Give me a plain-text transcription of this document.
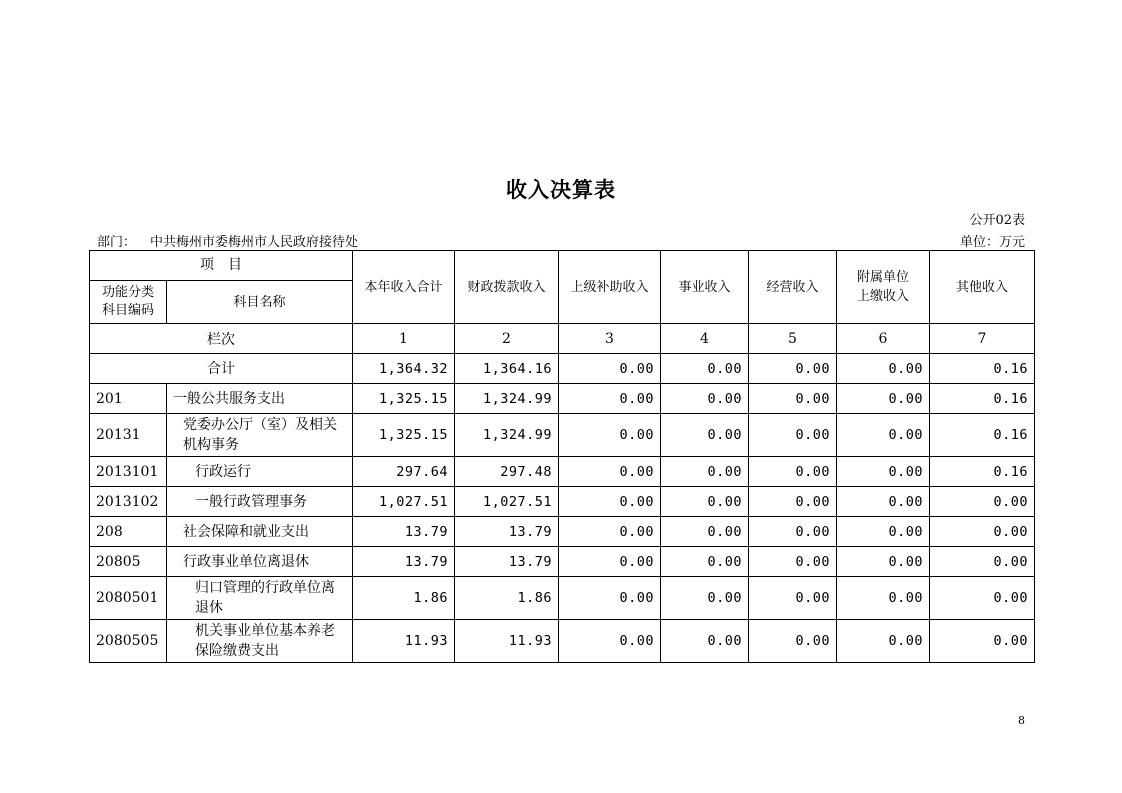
收入决算表
公开02表
部门： 中共梅州市委梅州市人民政府接待处	单位：万元
项　目		本年收入合计	财政拨款收入	上级补助收入	事业收入	经营收入	附属单位上缴收入	其他收入
功能分类科目编码	科目名称							
栏次		1	2	3	4	5	6	7
合计		1,364.32	1,364.16	0.00	0.00	0.00	0.00	0.16
201	一般公共服务支出	1,325.15	1,324.99	0.00	0.00	0.00	0.00	0.16
20131	党委办公厅（室）及相关机构事务	1,325.15	1,324.99	0.00	0.00	0.00	0.00	0.16
2013101	行政运行	297.64	297.48	0.00	0.00	0.00	0.00	0.16
2013102	一般行政管理事务	1,027.51	1,027.51	0.00	0.00	0.00	0.00	0.00
208	社会保障和就业支出	13.79	13.79	0.00	0.00	0.00	0.00	0.00
20805	行政事业单位离退休	13.79	13.79	0.00	0.00	0.00	0.00	0.00
2080501	归口管理的行政单位离退休	1.86	1.86	0.00	0.00	0.00	0.00	0.00
2080505	机关事业单位基本养老保险缴费支出	11.93	11.93	0.00	0.00	0.00	0.00	0.00
8
